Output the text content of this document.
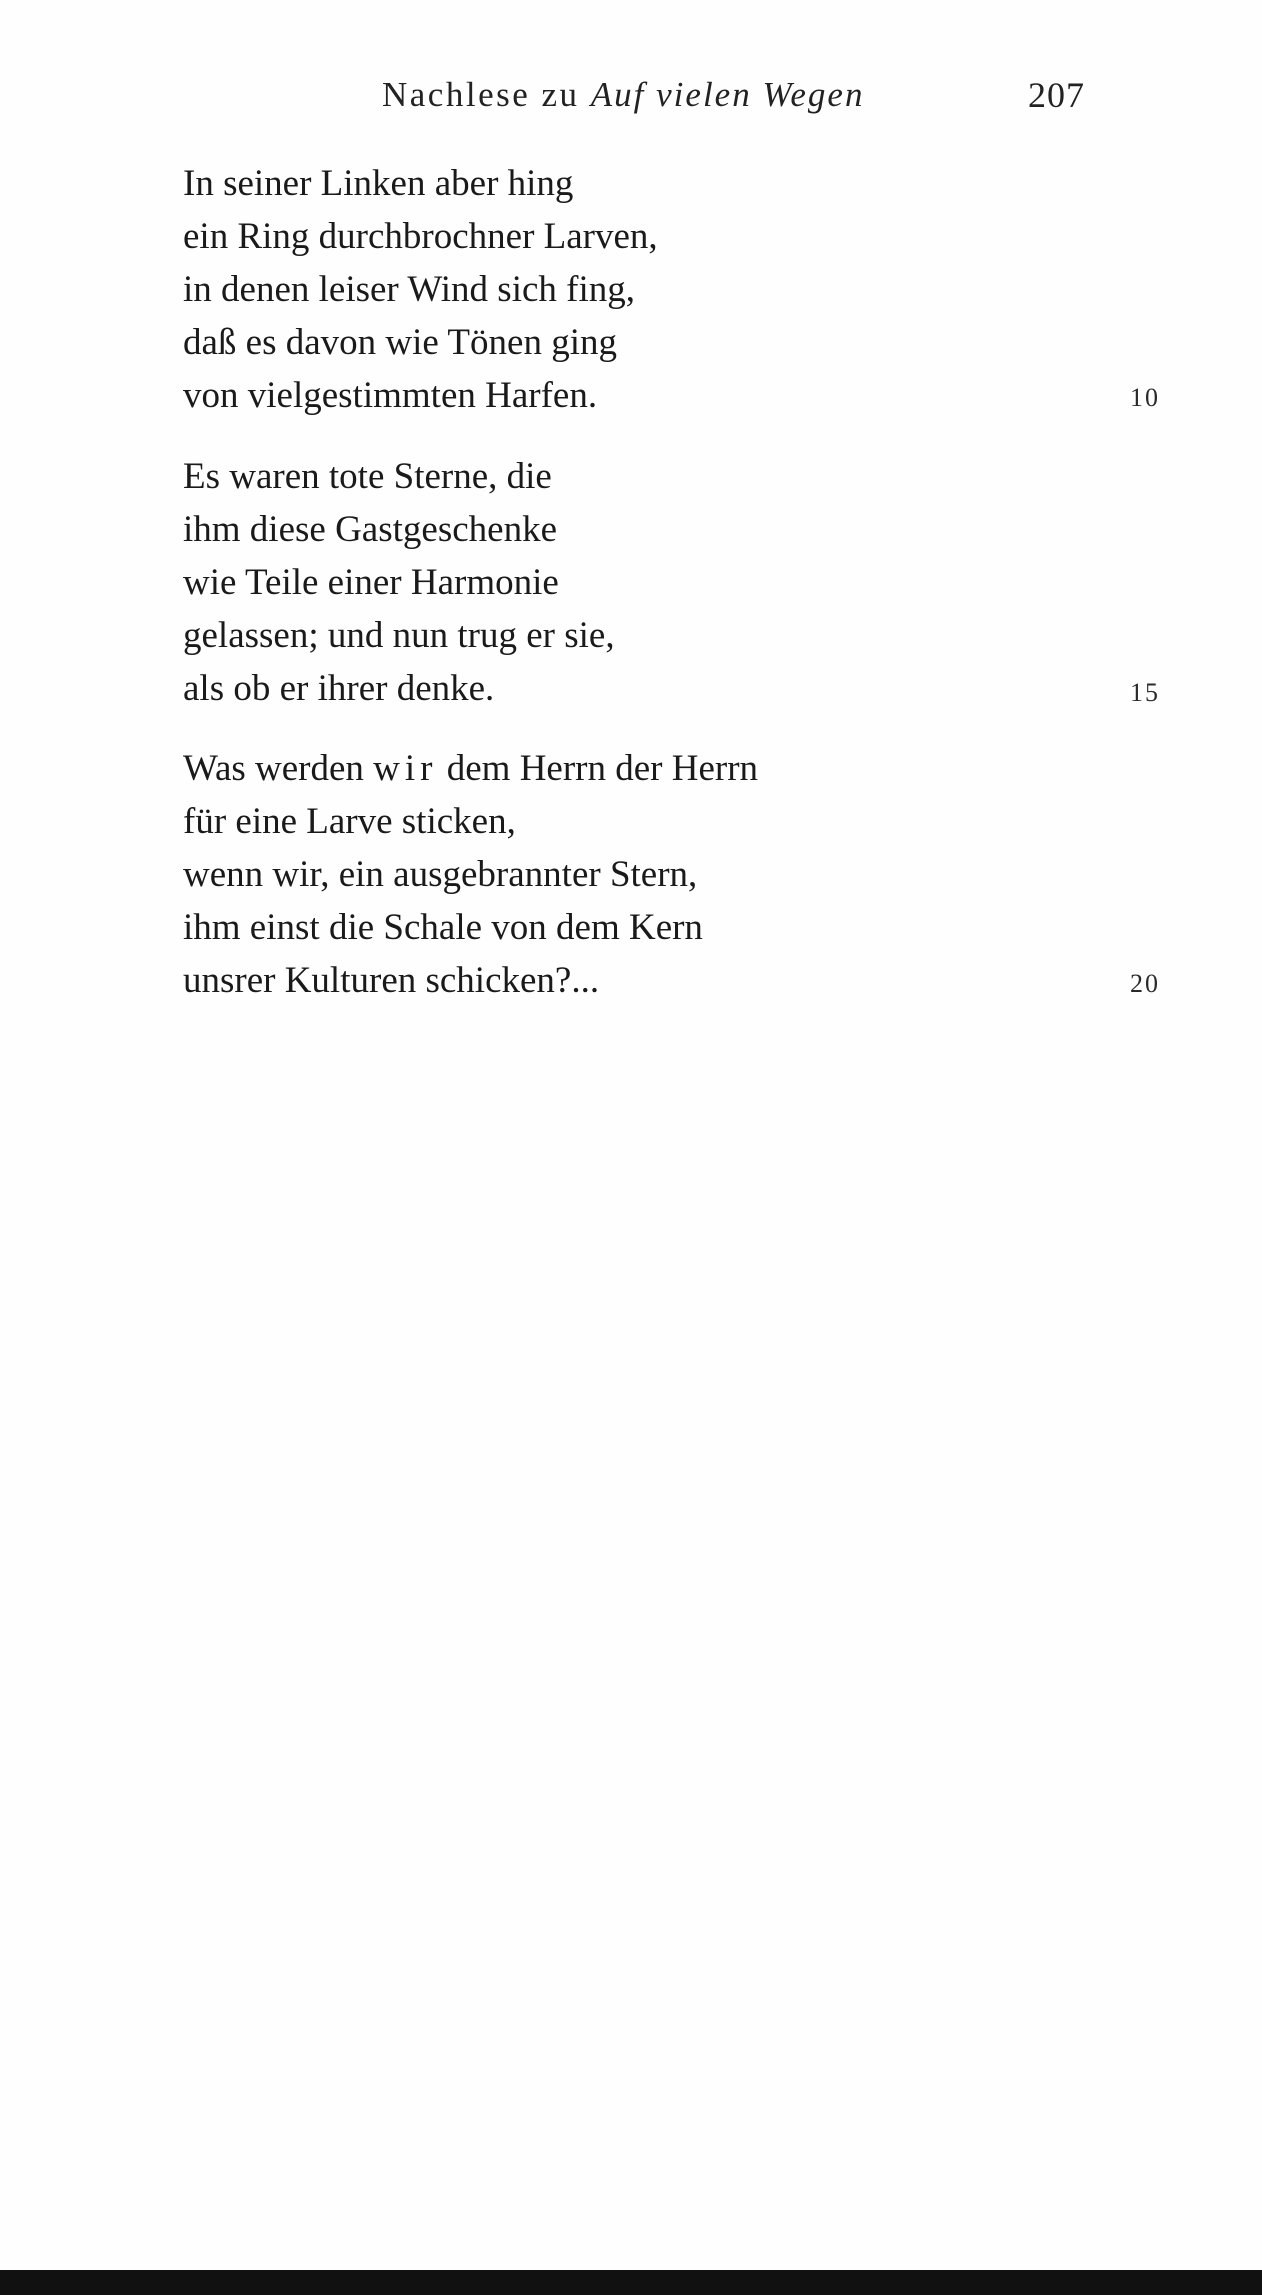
Nachlese zu Auf vielen Wegen	207
In seiner Linken aber hing
ein Ring durchbrochner Larven,
in denen leiser Wind sich fing,
daß es davon wie Tönen ging
von vielgestimmten Harfen.	10
Es waren tote Sterne, die
ihm diese Gastgeschenke
wie Teile einer Harmonie
gelassen; und nun trug er sie,
als ob er ihrer denke.	15
Was werden wir dem Herrn der Herrn
für eine Larve sticken,
wenn wir, ein ausgebrannter Stern,
ihm einst die Schale von dem Kern
unsrer Kulturen schicken?...	20
